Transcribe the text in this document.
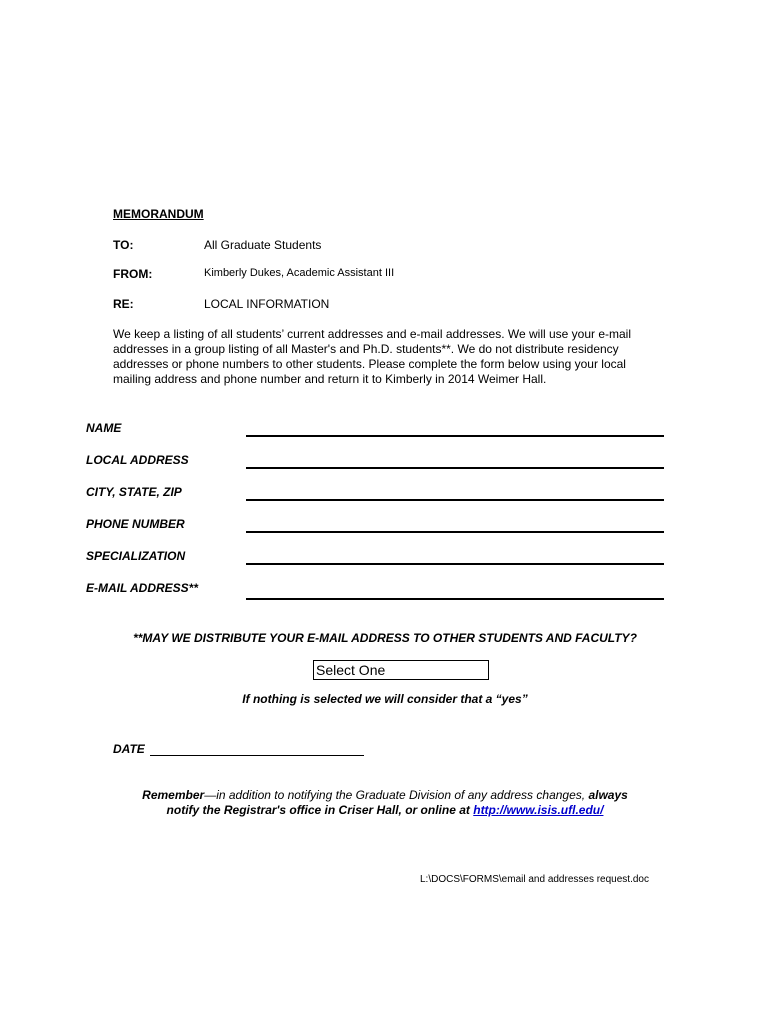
MEMORANDUM
TO:	All Graduate Students
FROM:	Kimberly Dukes, Academic Assistant III
RE:	LOCAL INFORMATION
We keep a listing of all students’ current addresses and e-mail addresses. We will use your e-mail addresses in a group listing of all Master's and Ph.D. students**. We do not distribute residency addresses or phone numbers to other students. Please complete the form below using your local mailing address and phone number and return it to Kimberly in 2014 Weimer Hall.
NAME
LOCAL ADDRESS
CITY, STATE, ZIP
PHONE NUMBER
SPECIALIZATION
E-MAIL ADDRESS**
**MAY WE DISTRIBUTE YOUR E-MAIL ADDRESS TO OTHER STUDENTS AND FACULTY?
Select One
If nothing is selected we will consider that a “yes”
DATE
Remember—in addition to notifying the Graduate Division of any address changes, always
notify the Registrar's office in Criser Hall, or online at http://www.isis.ufl.edu/
L:\DOCS\FORMS\email and addresses request.doc
